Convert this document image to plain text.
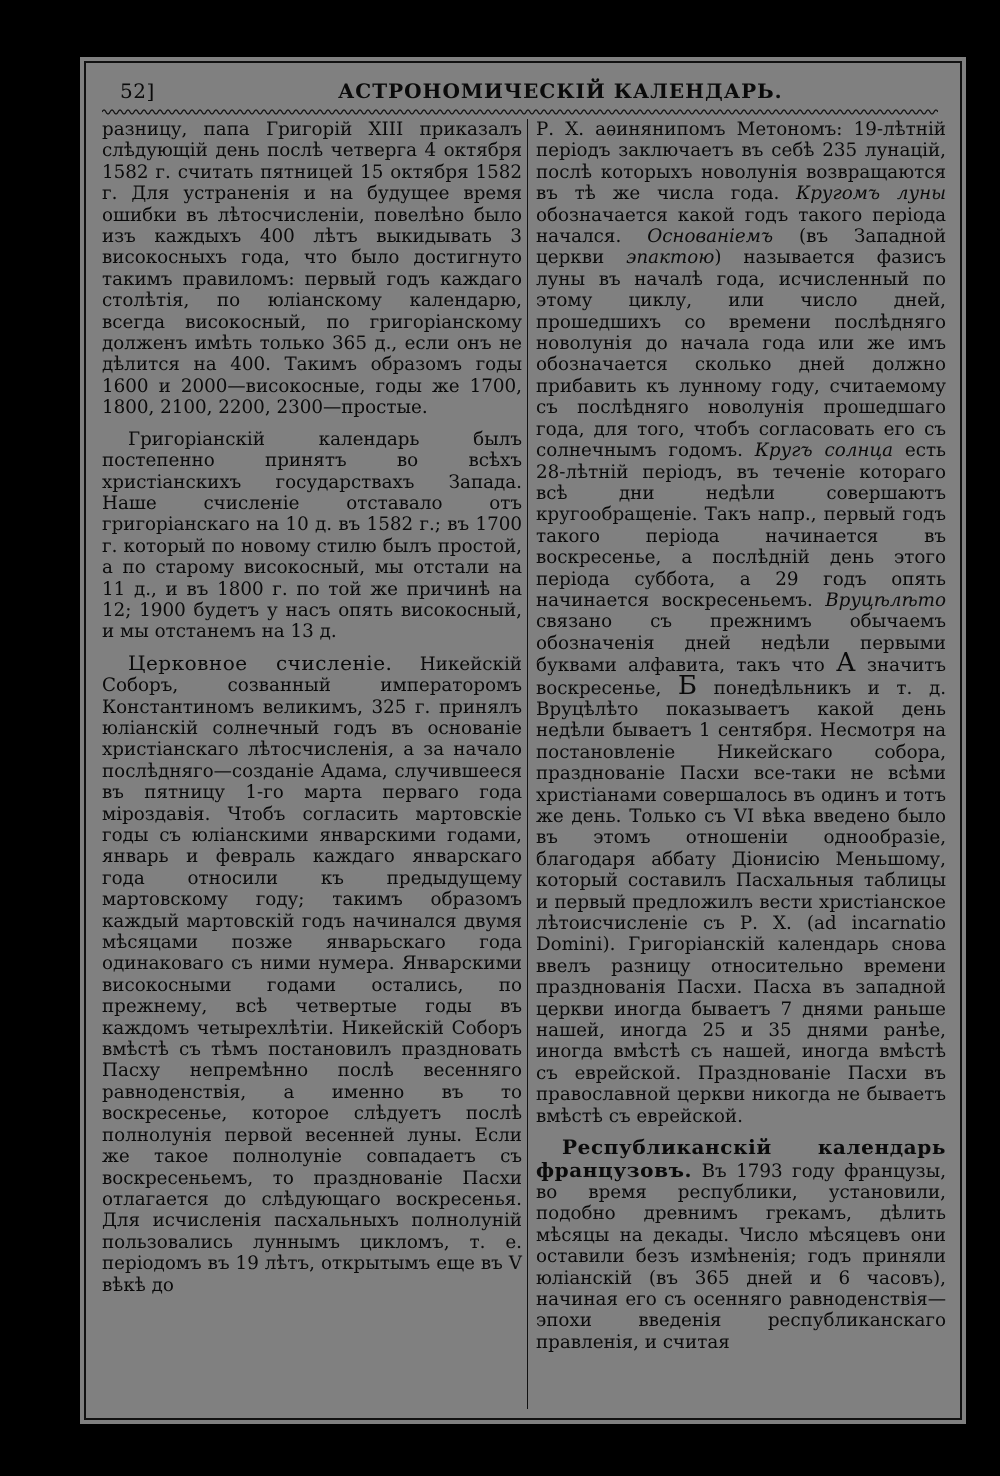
52]	АСТРОНОМИЧЕСКІЙ КАЛЕНДАРЬ.

разницу, папа Григорій XIII приказалъ слѣдующій день послѣ четверга 4 октября 1582 г. считать пятницей 15 октября 1582 г. Для устраненія и на будущее время ошибки въ лѣтосчисленіи, повелѣно было изъ каждыхъ 400 лѣтъ выкидывать 3 високосныхъ года, что было достигнуто такимъ правиломъ: первый годъ каждаго столѣтія, по юліанскому календарю, всегда високосный, по григоріанскому долженъ имѣть только 365 д., если онъ не дѣлится на 400. Такимъ образомъ годы 1600 и 2000—високосные, годы же 1700, 1800, 2100, 2200, 2300—простые.

Григоріанскій календарь былъ постепенно принятъ во всѣхъ христіанскихъ государствахъ Запада. Наше счисленіе отставало отъ григоріанскаго на 10 д. въ 1582 г.; въ 1700 г. который по новому стилю былъ простой, а по старому високосный, мы отстали на 11 д., и въ 1800 г. по той же причинѣ на 12; 1900 будетъ у насъ опять високосный, и мы отстанемъ на 13 д.

Церковное счисленіе. Никейскій Соборъ, созванный императоромъ Константиномъ великимъ, 325 г. принялъ юліанскій солнечный годъ въ основаніе христіанскаго лѣтосчисленія, а за начало послѣдняго—созданіе Адама, случившееся въ пятницу 1-го марта перваго года міроздавія. Чтобъ согласить мартовскіе годы съ юліанскими январскими годами, январь и февраль каждаго январскаго года относили къ предыдущему мартовскому году; такимъ образомъ каждый мартовскій годъ начинался двумя мѣсяцами позже январьскаго года одинаковаго съ ними нумера. Январскими високосными годами остались, по прежнему, всѣ четвертые годы въ каждомъ четырехлѣтіи. Никейскій Соборъ вмѣстѣ съ тѣмъ постановилъ праздновать Пасху непремѣнно послѣ весенняго равноденствія, а именно въ то воскресенье, которое слѣдуетъ послѣ полнолунія первой весенней луны. Если же такое полнолуніе совпадаетъ съ воскресеньемъ, то празднованіе Пасхи отлагается до слѣдующаго воскресенья. Для исчисленія пасхальныхъ полнолуній пользовались луннымъ цикломъ, т. е. періодомъ въ 19 лѣтъ, открытымъ еще въ V вѣкѣ до

Р. Х. аѳинянипомъ Метономъ: 19-лѣтній періодъ заключаетъ въ себѣ 235 лунацій, послѣ которыхъ новолунія возвращаются въ тѣ же числа года. Кругомъ луны обозначается какой годъ такого періода начался. Основаніемъ (въ Западной церкви эпактою) называется фазисъ луны въ началѣ года, исчисленный по этому циклу, или число дней, прошедшихъ со времени послѣдняго новолунія до начала года или же имъ обозначается сколько дней должно прибавить къ лунному году, считаемому съ послѣдняго новолунія прошедшаго года, для того, чтобъ согласовать его съ солнечнымъ годомъ. Кругъ солнца есть 28-лѣтній періодъ, въ теченіе котораго всѣ дни недѣли совершаютъ кругообращеніе. Такъ напр., первый годъ такого періода начинается въ воскресенье, а послѣдній день этого періода суббота, а 29 годъ опять начинается воскресеньемъ. Вруцѣлѣто связано съ прежнимъ обычаемъ обозначенія дней недѣли первыми буквами алфавита, такъ что А значитъ воскресенье, Б понедѣльникъ и т. д. Вруцѣлѣто показываетъ какой день недѣли бываетъ 1 сентября. Несмотря на постановленіе Никейскаго собора, празднованіе Пасхи все-таки не всѣми христіанами совершалось въ одинъ и тотъ же день. Только съ VI вѣка введено было въ этомъ отношеніи однообразіе, благодаря аббату Діонисію Меньшому, который составилъ Пасхальныя таблицы и первый предложилъ вести христіанское лѣтоисчисленіе съ Р. Х. (ad incarnatio Domini). Григоріанскій календарь снова ввелъ разницу относительно времени празднованія Пасхи. Пасха въ западной церкви иногда бываетъ 7 днями раньше нашей, иногда 25 и 35 днями ранѣе, иногда вмѣстѣ съ нашей, иногда вмѣстѣ съ еврейской. Празднованіе Пасхи въ православной церкви никогда не бываетъ вмѣстѣ съ еврейской.

Республиканскій календарь французовъ. Въ 1793 году французы, во время республики, установили, подобно древнимъ грекамъ, дѣлить мѣсяцы на декады. Число мѣсяцевъ они оставили безъ измѣненія; годъ приняли юліанскій (въ 365 дней и 6 часовъ), начиная его съ осенняго равноденствія—эпохи введенія республиканскаго правленія, и считая
